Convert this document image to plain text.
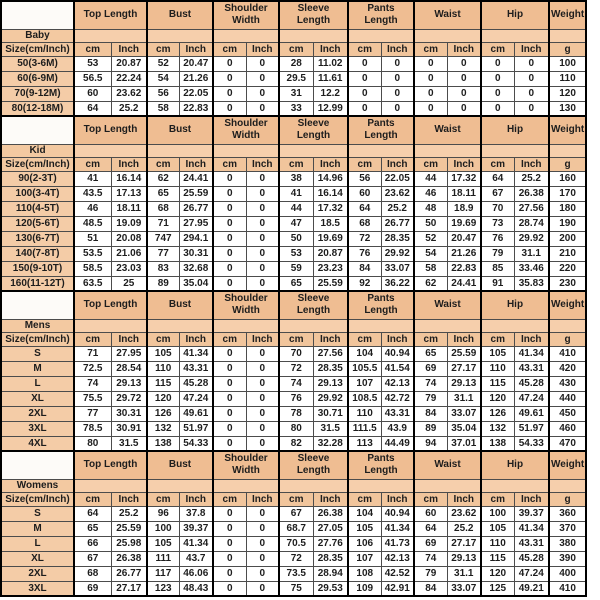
	Top Length		Bust		Shoulder Width		Sleeve Length		Pants Length		Waist		Hip		Weight
Baby															
Size(cm/Inch)	cm	Inch	cm	Inch	cm	Inch	cm	Inch	cm	Inch	cm	Inch	cm	Inch	g
50(3-6M)	53	20.87	52	20.47	0	0	28	11.02	0	0	0	0	0	0	100
60(6-9M)	56.5	22.24	54	21.26	0	0	29.5	11.61	0	0	0	0	0	0	110
70(9-12M)	60	23.62	56	22.05	0	0	31	12.2	0	0	0	0	0	0	120
80(12-18M)	64	25.2	58	22.83	0	0	33	12.99	0	0	0	0	0	0	130
	Top Length		Bust		Shoulder Width		Sleeve Length		Pants Length		Waist		Hip		Weight
Kid															
Size(cm/Inch)	cm	Inch	cm	Inch	cm	Inch	cm	Inch	cm	Inch	cm	Inch	cm	Inch	g
90(2-3T)	41	16.14	62	24.41	0	0	38	14.96	56	22.05	44	17.32	64	25.2	160
100(3-4T)	43.5	17.13	65	25.59	0	0	41	16.14	60	23.62	46	18.11	67	26.38	170
110(4-5T)	46	18.11	68	26.77	0	0	44	17.32	64	25.2	48	18.9	70	27.56	180
120(5-6T)	48.5	19.09	71	27.95	0	0	47	18.5	68	26.77	50	19.69	73	28.74	190
130(6-7T)	51	20.08	747	294.1	0	0	50	19.69	72	28.35	52	20.47	76	29.92	200
140(7-8T)	53.5	21.06	77	30.31	0	0	53	20.87	76	29.92	54	21.26	79	31.1	210
150(9-10T)	58.5	23.03	83	32.68	0	0	59	23.23	84	33.07	58	22.83	85	33.46	220
160(11-12T)	63.5	25	89	35.04	0	0	65	25.59	92	36.22	62	24.41	91	35.83	230
	Top Length		Bust		Shoulder Width		Sleeve Length		Pants Length		Waist		Hip		Weight
Mens															
Size(cm/Inch)	cm	Inch	cm	Inch	cm	Inch	cm	Inch	cm	Inch	cm	Inch	cm	Inch	g
S	71	27.95	105	41.34	0	0	70	27.56	104	40.94	65	25.59	105	41.34	410
M	72.5	28.54	110	43.31	0	0	72	28.35	105.5	41.54	69	27.17	110	43.31	420
L	74	29.13	115	45.28	0	0	74	29.13	107	42.13	74	29.13	115	45.28	430
XL	75.5	29.72	120	47.24	0	0	76	29.92	108.5	42.72	79	31.1	120	47.24	440
2XL	77	30.31	126	49.61	0	0	78	30.71	110	43.31	84	33.07	126	49.61	450
3XL	78.5	30.91	132	51.97	0	0	80	31.5	111.5	43.9	89	35.04	132	51.97	460
4XL	80	31.5	138	54.33	0	0	82	32.28	113	44.49	94	37.01	138	54.33	470
	Top Length		Bust		Shoulder Width		Sleeve Length		Pants Length		Waist		Hip		Weight
Womens															
Size(cm/Inch)	cm	Inch	cm	Inch	cm	Inch	cm	Inch	cm	Inch	cm	Inch	cm	Inch	g
S	64	25.2	96	37.8	0	0	67	26.38	104	40.94	60	23.62	100	39.37	360
M	65	25.59	100	39.37	0	0	68.7	27.05	105	41.34	64	25.2	105	41.34	370
L	66	25.98	105	41.34	0	0	70.5	27.76	106	41.73	69	27.17	110	43.31	380
XL	67	26.38	111	43.7	0	0	72	28.35	107	42.13	74	29.13	115	45.28	390
2XL	68	26.77	117	46.06	0	0	73.5	28.94	108	42.52	79	31.1	120	47.24	400
3XL	69	27.17	123	48.43	0	0	75	29.53	109	42.91	84	33.07	125	49.21	410
